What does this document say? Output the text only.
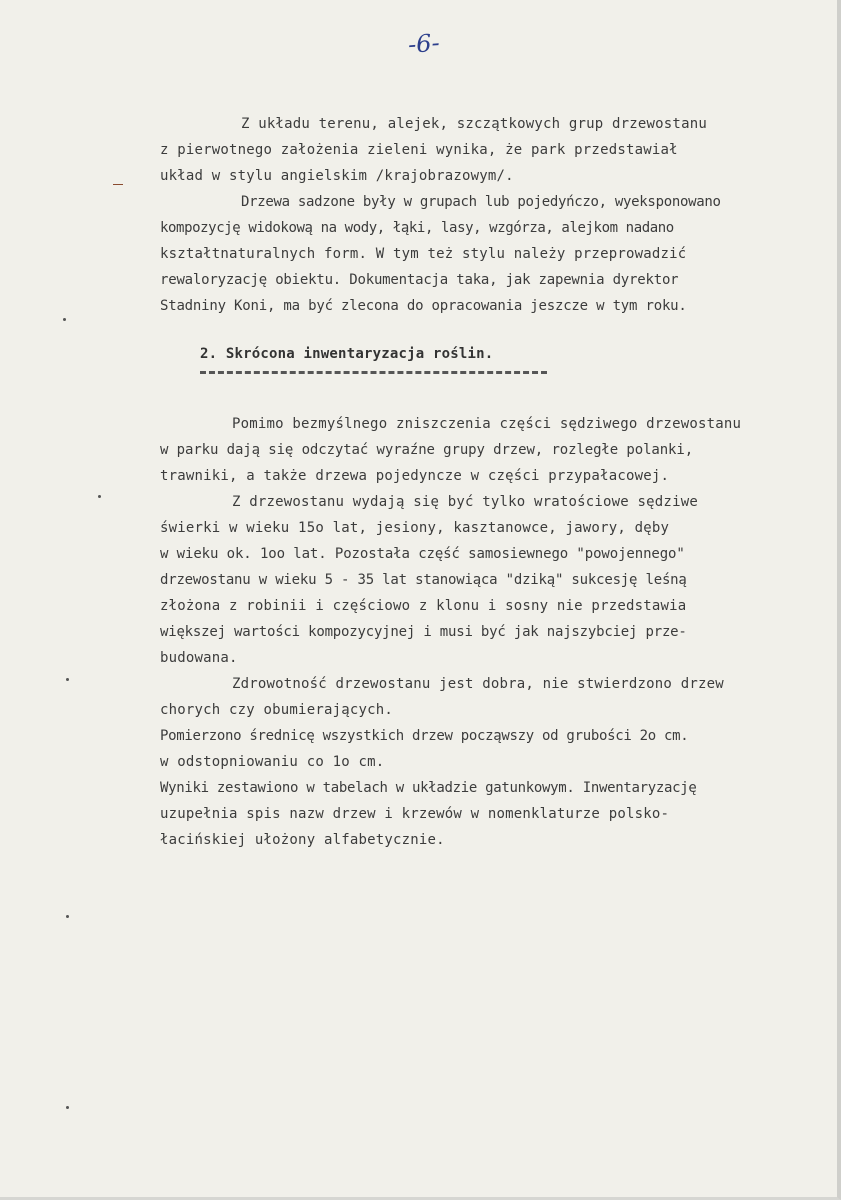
-6-
Z układu terenu, alejek, szczątkowych grup drzewostanu
z pierwotnego założenia zieleni wynika, że park przedstawiał
układ w stylu angielskim /krajobrazowym/.
Drzewa sadzone były w grupach lub pojedyńczo, wyeksponowano
kompozycję widokową na wody, łąki, lasy, wzgórza, alejkom nadano
kształtnaturalnych form. W tym też stylu należy przeprowadzić
rewaloryzację obiektu. Dokumentacja taka, jak zapewnia dyrektor
Stadniny Koni, ma być zlecona do opracowania jeszcze w tym roku.
2. Skrócona inwentaryzacja roślin.
Pomimo bezmyślnego zniszczenia części sędziwego drzewostanu
w parku dają się odczytać wyraźne grupy drzew, rozległe polanki,
trawniki, a także drzewa pojedyncze w części przypałacowej.
Z drzewostanu wydają się być tylko wratościowe sędziwe
świerki w wieku 15o lat, jesiony, kasztanowce, jawory, dęby
w wieku ok. 1oo lat. Pozostała część samosiewnego "powojennego"
drzewostanu w wieku 5 - 35 lat stanowiąca "dziką" sukcesję leśną
złożona z robinii i częściowo z klonu i sosny nie przedstawia
większej wartości kompozycyjnej i musi być jak najszybciej prze-
budowana.
Zdrowotność drzewostanu jest dobra, nie stwierdzono drzew
chorych czy obumierających.
Pomierzono średnicę wszystkich drzew począwszy od grubości 2o cm.
w odstopniowaniu co 1o cm.
Wyniki zestawiono w tabelach w układzie gatunkowym. Inwentaryzację
uzupełnia spis nazw drzew i krzewów w nomenklaturze polsko-
łacińskiej ułożony alfabetycznie.
